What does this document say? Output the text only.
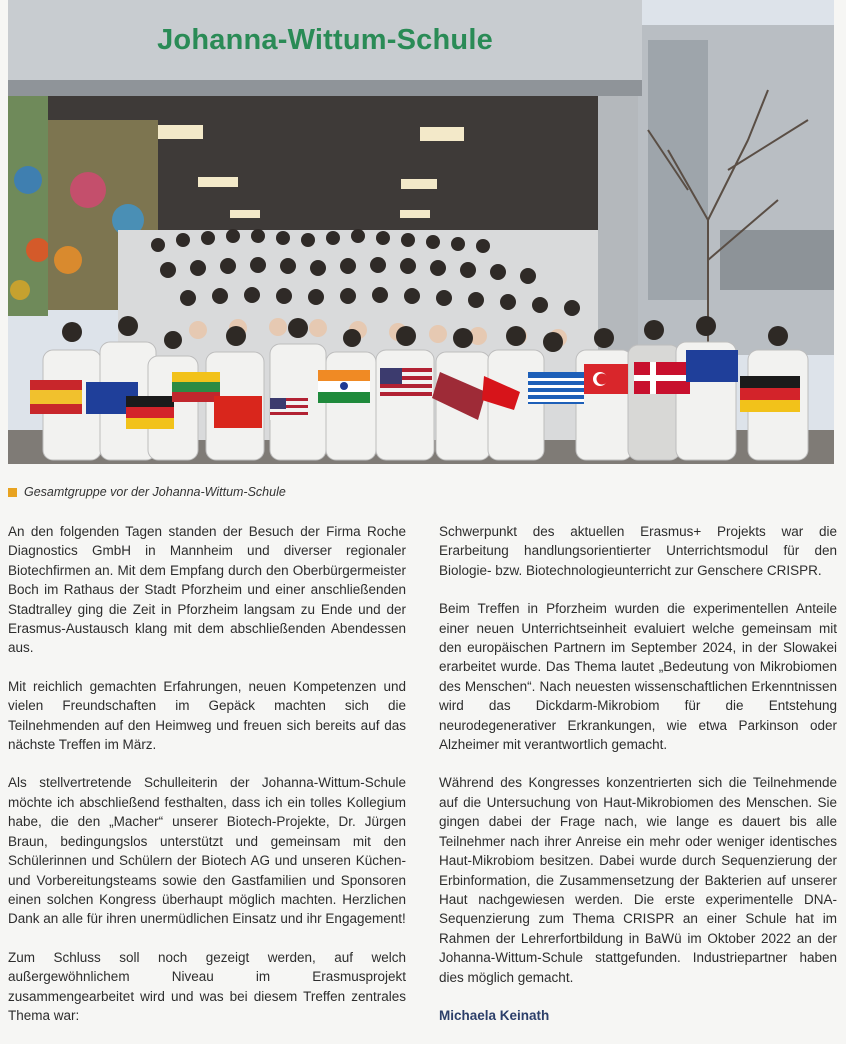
Johanna-Wittum-Schule
Gesamtgruppe vor der Johanna-Wittum-Schule

An den folgenden Tagen standen der Besuch der Firma Roche Diagnostics GmbH in Mannheim und diverser regionaler Biotechfirmen an. Mit dem Empfang durch den Oberbürgermeister Boch im Rathaus der Stadt Pforzheim und einer anschließenden Stadtralley ging die Zeit in Pforzheim langsam zu Ende und der Erasmus-Austausch klang mit dem abschließenden Abendessen aus.

Mit reichlich gemachten Erfahrungen, neuen Kompetenzen und vielen Freundschaften im Gepäck machten sich die Teilnehmenden auf den Heimweg und freuen sich bereits auf das nächste Treffen im März.

Als stellvertretende Schulleiterin der Johanna-Wittum-Schule möchte ich abschließend festhalten, dass ich ein tolles Kollegium habe, die den „Macher“ unserer Biotech-Projekte, Dr. Jürgen Braun, bedingungslos unterstützt und gemeinsam mit den Schülerinnen und Schülern der Biotech AG und unseren Küchen- und Vorbereitungsteams sowie den Gastfamilien und Sponsoren einen solchen Kongress überhaupt möglich machten. Herzlichen Dank an alle für ihren unermüdlichen Einsatz und ihr Engagement!

Zum Schluss soll noch gezeigt werden, auf welch außergewöhnlichem Niveau im Erasmusprojekt zusammengearbeitet wird und was bei diesem Treffen zentrales Thema war:

Schwerpunkt des aktuellen Erasmus+ Projekts war die Erarbeitung handlungsorientierter Unterrichtsmodul für den Biologie- bzw. Biotechnologieunterricht zur Genschere CRISPR.

Beim Treffen in Pforzheim wurden die experimentellen Anteile einer neuen Unterrichtseinheit evaluiert welche gemeinsam mit den europäischen Partnern im September 2024, in der Slowakei erarbeitet wurde. Das Thema lautet „Bedeutung von Mikrobiomen des Menschen“. Nach neuesten wissenschaftlichen Erkenntnissen wird das Dickdarm-Mikrobiom für die Entstehung neurodegenerativer Erkrankungen, wie etwa Parkinson oder Alzheimer mit verantwortlich gemacht.

Während des Kongresses konzentrierten sich die Teilnehmende auf die Untersuchung von Haut-Mikrobiomen des Menschen. Sie gingen dabei der Frage nach, wie lange es dauert bis alle Teilnehmer nach ihrer Anreise ein mehr oder weniger identisches Haut-Mikrobiom besitzen. Dabei wurde durch Sequenzierung der Erbinformation, die Zusammensetzung der Bakterien auf unserer Haut nachgewiesen werden. Die erste experimentelle DNA-Sequenzierung zum Thema CRISPR an einer Schule hat im Rahmen der Lehrerfortbildung in BaWü im Oktober 2022 an der Johanna-Wittum-Schule stattgefunden. Industriepartner haben dies möglich gemacht.

Michaela Keinath
